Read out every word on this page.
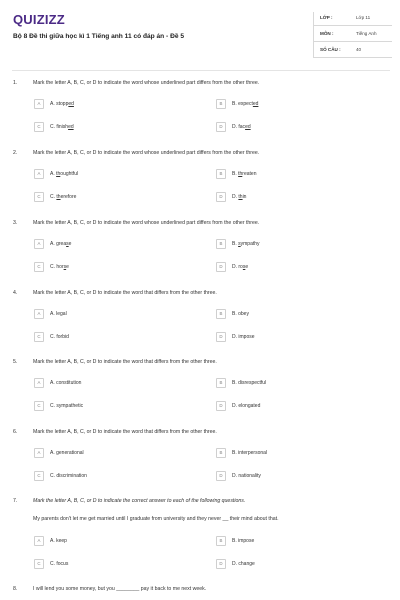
QUIZIZZ
Bộ 8 Đề thi giữa học kì 1 Tiếng anh 11 có đáp án - Đề 5
LỚP :	Lớp 11
MÔN :	Tiếng Anh
SỐ CÂU :	40
1.	Mark the letter A, B, C, or D to indicate the word whose underlined part differs from the other three.
A	A. stopped	B	B. expected
C	C. finished	D	D. faced
2.	Mark the letter A, B, C, or D to indicate the word whose underlined part differs from the other three.
A	A. thoughtful	B	B. threaten
C	C. therefore	D	D. thin
3.	Mark the letter A, B, C, or D to indicate the word whose underlined part differs from the other three.
A	A. grease	B	B. sympathy
C	C. horse	D	D. rose
4.	Mark the letter A, B, C, or D to indicate the word that differs from the other three.
A	A. legal	B	B. obey
C	C. forbid	D	D. impose
5.	Mark the letter A, B, C, or D to indicate the word that differs from the other three.
A	A. constitution	B	B. disrespectful
C	C. sympathetic	D	D. elongated
6.	Mark the letter A, B, C, or D to indicate the word that differs from the other three.
A	A. generational	B	B. interpersonal
C	C. discrimination	D	D. nationality
7.	Mark the letter A, B, C, or D to indicate the correct answer to each of the following questions.
My parents don't let me get married until I graduate from university and they never __ their mind about that.
A	A. keep	B	B. impose
C	C. focus	D	D. change
8.	I will lend you some money, but you ________ pay it back to me next week.
